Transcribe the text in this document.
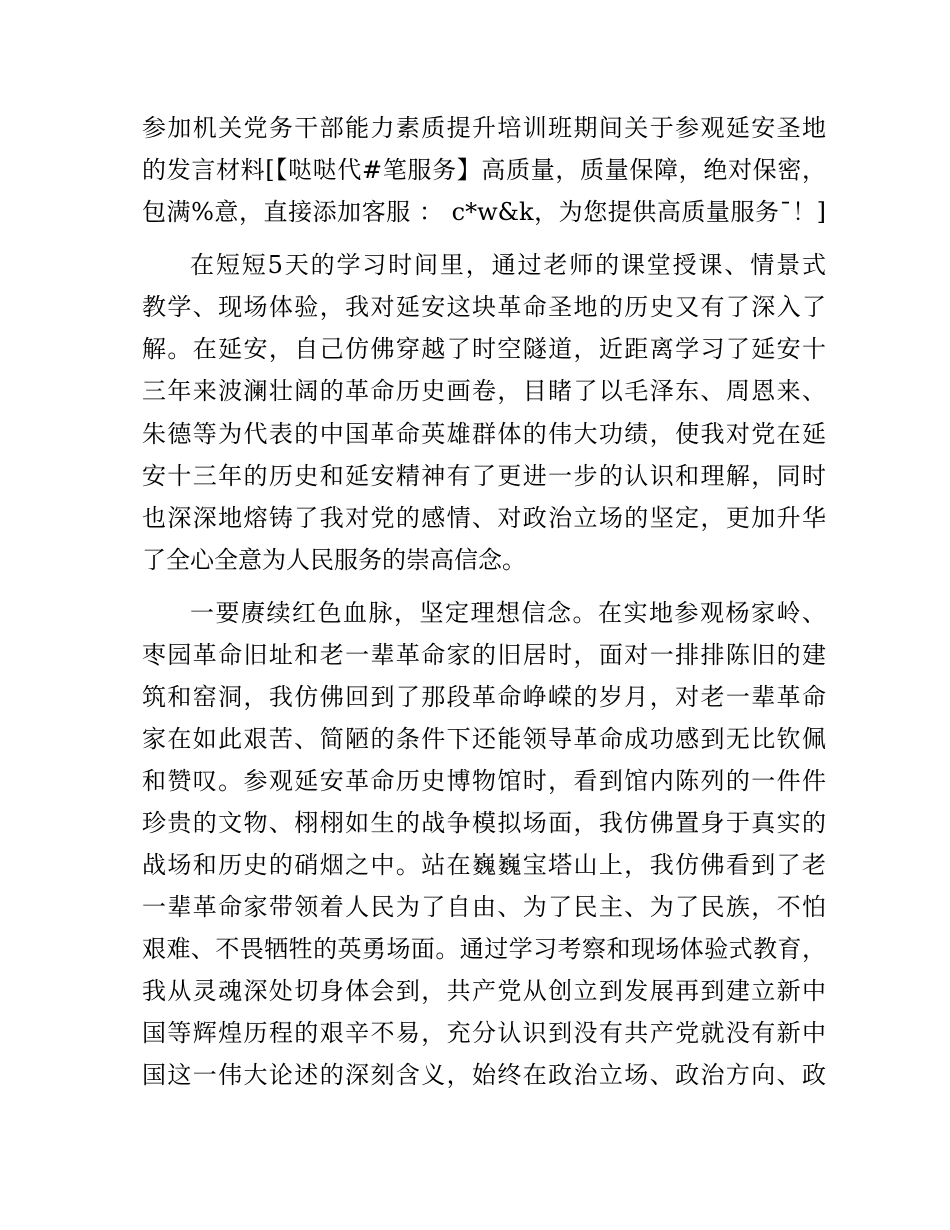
参加机关党务干部能力素质提升培训班期间关于参观延安圣地
的发言材料[【哒哒代#笔服务】高质量，质量保障，绝对保密，
包满%意，直接添加客服 ： c*w&k，为您提供高质量服务¯！]
在短短5天的学习时间里，通过老师的课堂授课、情景式
教学、现场体验，我对延安这块革命圣地的历史又有了深入了
解。在延安，自己仿佛穿越了时空隧道，近距离学习了延安十
三年来波澜壮阔的革命历史画卷，目睹了以毛泽东、周恩来、
朱德等为代表的中国革命英雄群体的伟大功绩，使我对党在延
安十三年的历史和延安精神有了更进一步的认识和理解，同时
也深深地熔铸了我对党的感情、对政治立场的坚定，更加升华
了全心全意为人民服务的崇高信念。
一要赓续红色血脉，坚定理想信念。在实地参观杨家岭、
枣园革命旧址和老一辈革命家的旧居时，面对一排排陈旧的建
筑和窑洞，我仿佛回到了那段革命峥嵘的岁月，对老一辈革命
家在如此艰苦、简陋的条件下还能领导革命成功感到无比钦佩
和赞叹。参观延安革命历史博物馆时，看到馆内陈列的一件件
珍贵的文物、栩栩如生的战争模拟场面，我仿佛置身于真实的
战场和历史的硝烟之中。站在巍巍宝塔山上，我仿佛看到了老
一辈革命家带领着人民为了自由、为了民主、为了民族，不怕
艰难、不畏牺牲的英勇场面。通过学习考察和现场体验式教育，
我从灵魂深处切身体会到，共产党从创立到发展再到建立新中
国等辉煌历程的艰辛不易，充分认识到没有共产党就没有新中
国这一伟大论述的深刻含义，始终在政治立场、政治方向、政
